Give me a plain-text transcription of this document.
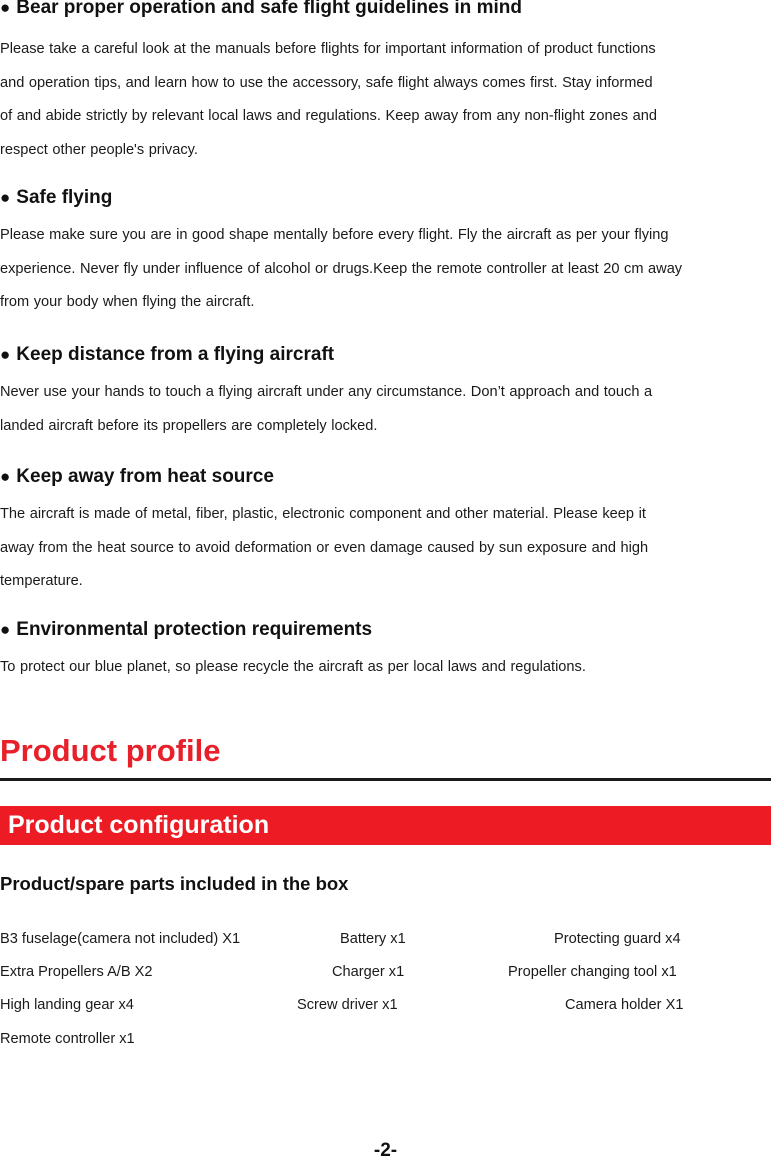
● Bear proper operation and safe flight guidelines in mind

Please take a careful look at the manuals before flights for important information of product functions

and operation tips, and learn how to use the accessory, safe flight always comes first. Stay informed

of and abide strictly by relevant local laws and regulations. Keep away from any non-flight zones and

respect other people's privacy.

● Safe flying

Please make sure you are in good shape mentally before every flight. Fly the aircraft as per your flying

experience. Never fly under influence of alcohol or drugs.Keep the remote controller at least 20 cm away

from your body when flying the aircraft.

● Keep distance from a flying aircraft

Never use your hands to touch a flying aircraft under any circumstance. Don’t approach and touch a

landed aircraft before its propellers are completely locked.

● Keep away from heat source

The aircraft is made of metal, fiber, plastic, electronic component and other material. Please keep it

away from the heat source to avoid deformation or even damage caused by sun exposure and high

temperature.

● Environmental protection requirements

To protect our blue planet, so please recycle the aircraft as per local laws and regulations.

Product profile
Product configuration
Product/spare parts included in the box
B3 fuselage(camera not included) X1	Battery x1	Protecting guard x4
Extra Propellers A/B X2	Charger x1	Propeller changing tool x1
High landing gear x4	Screw driver x1	Camera holder X1
Remote controller x1
-2-
